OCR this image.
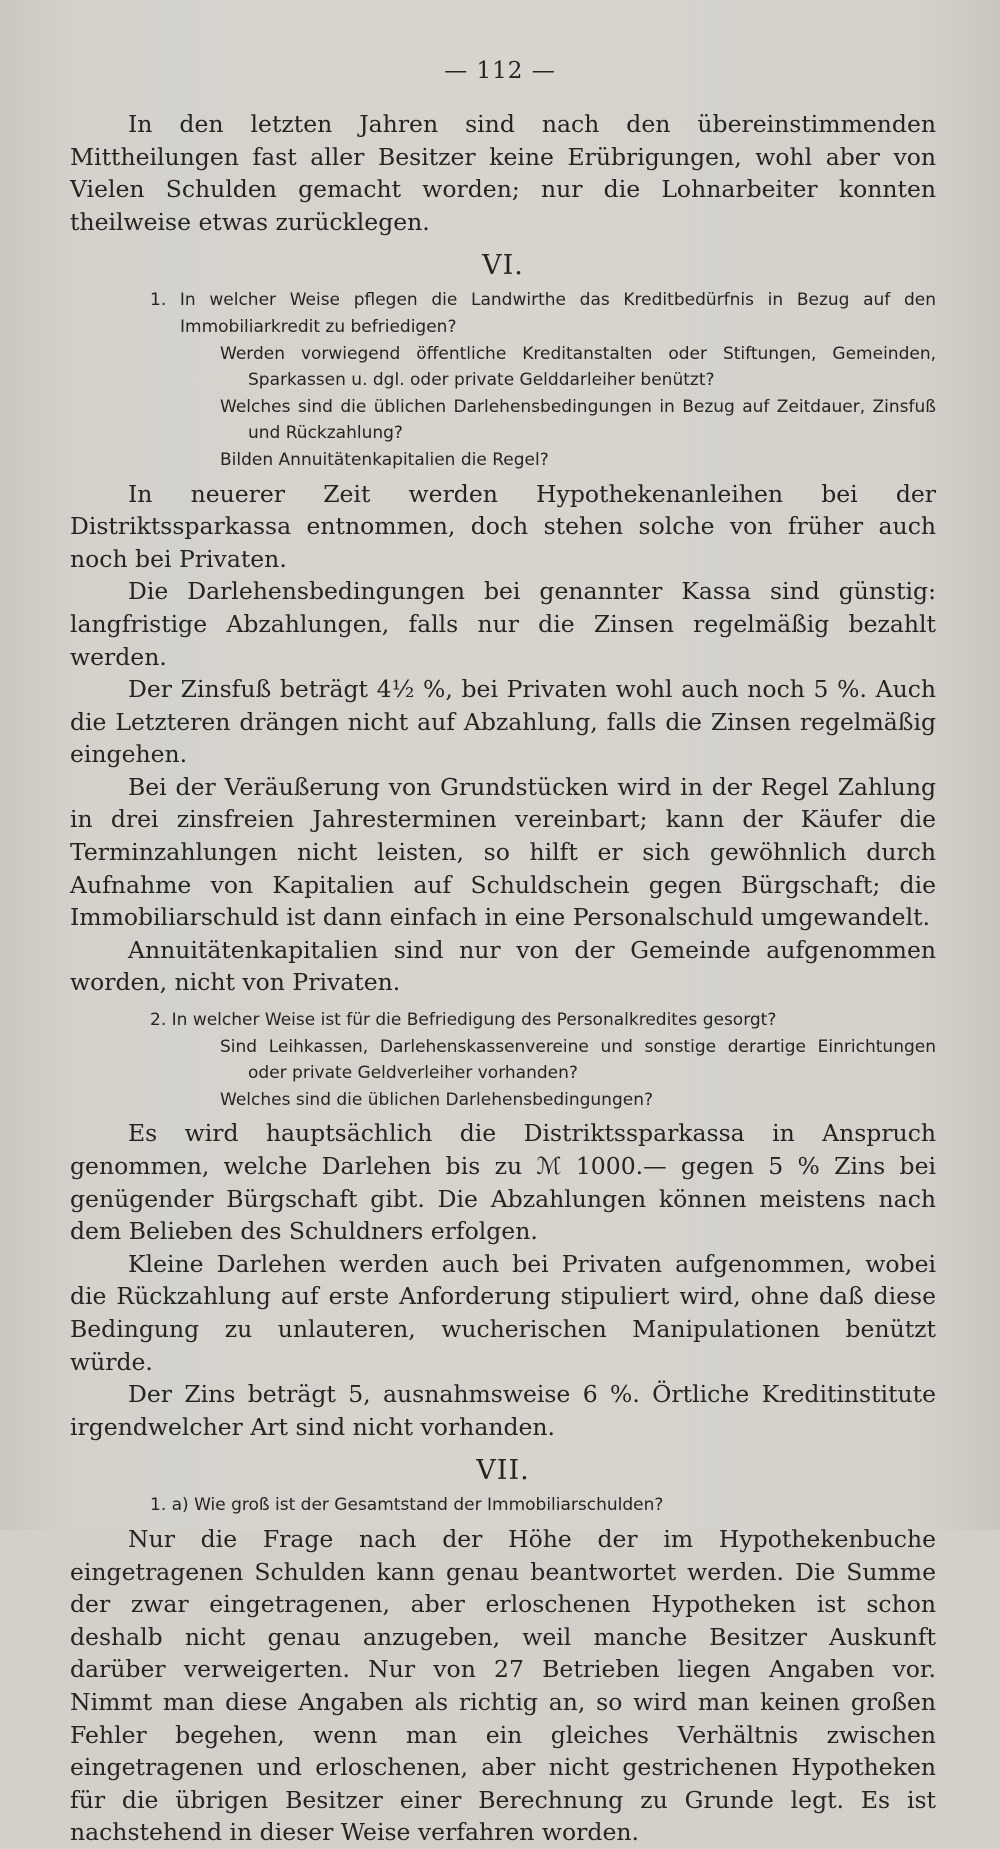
— 112 —

In den letzten Jahren sind nach den übereinstimmenden Mittheilungen fast aller Besitzer keine Erübrigungen, wohl aber von Vielen Schulden gemacht worden; nur die Lohnarbeiter konnten theilweise etwas zurücklegen.

VI.

1. In welcher Weise pflegen die Landwirthe das Kreditbedürfnis in Bezug auf den Immobiliarkredit zu befriedigen?

Werden vorwiegend öffentliche Kreditanstalten oder Stiftungen, Gemeinden, Sparkassen u. dgl. oder private Gelddarleiher benützt?

Welches sind die üblichen Darlehensbedingungen in Bezug auf Zeitdauer, Zinsfuß und Rückzahlung?

Bilden Annuitätenkapitalien die Regel?

In neuerer Zeit werden Hypothekenanleihen bei der Distriktssparkassa entnommen, doch stehen solche von früher auch noch bei Privaten.

Die Darlehensbedingungen bei genannter Kassa sind günstig: langfristige Abzahlungen, falls nur die Zinsen regelmäßig bezahlt werden.

Der Zinsfuß beträgt 4½ %, bei Privaten wohl auch noch 5 %. Auch die Letzteren drängen nicht auf Abzahlung, falls die Zinsen regelmäßig eingehen.

Bei der Veräußerung von Grundstücken wird in der Regel Zahlung in drei zinsfreien Jahresterminen vereinbart; kann der Käufer die Terminzahlungen nicht leisten, so hilft er sich gewöhnlich durch Aufnahme von Kapitalien auf Schuldschein gegen Bürgschaft; die Immobiliarschuld ist dann einfach in eine Personalschuld umgewandelt.

Annuitätenkapitalien sind nur von der Gemeinde aufgenommen worden, nicht von Privaten.

2. In welcher Weise ist für die Befriedigung des Personalkredites gesorgt?

Sind Leihkassen, Darlehenskassenvereine und sonstige derartige Einrichtungen oder private Geldverleiher vorhanden?

Welches sind die üblichen Darlehensbedingungen?

Es wird hauptsächlich die Distriktssparkassa in Anspruch genommen, welche Darlehen bis zu ℳ 1000.— gegen 5 % Zins bei genügender Bürgschaft gibt. Die Abzahlungen können meistens nach dem Belieben des Schuldners erfolgen.

Kleine Darlehen werden auch bei Privaten aufgenommen, wobei die Rückzahlung auf erste Anforderung stipuliert wird, ohne daß diese Bedingung zu unlauteren, wucherischen Manipulationen benützt würde.

Der Zins beträgt 5, ausnahmsweise 6 %. Örtliche Kreditinstitute irgendwelcher Art sind nicht vorhanden.

VII.

1. a) Wie groß ist der Gesamtstand der Immobiliarschulden?

Nur die Frage nach der Höhe der im Hypothekenbuche eingetragenen Schulden kann genau beantwortet werden. Die Summe der zwar eingetragenen, aber erloschenen Hypotheken ist schon deshalb nicht genau anzugeben, weil manche Besitzer Auskunft darüber verweigerten. Nur von 27 Betrieben liegen Angaben vor. Nimmt man diese Angaben als richtig an, so wird man keinen großen Fehler begehen, wenn man ein gleiches Verhältnis zwischen eingetragenen und erloschenen, aber nicht gestrichenen Hypotheken für die übrigen Besitzer einer Berechnung zu Grunde legt. Es ist nachstehend in dieser Weise verfahren worden.
